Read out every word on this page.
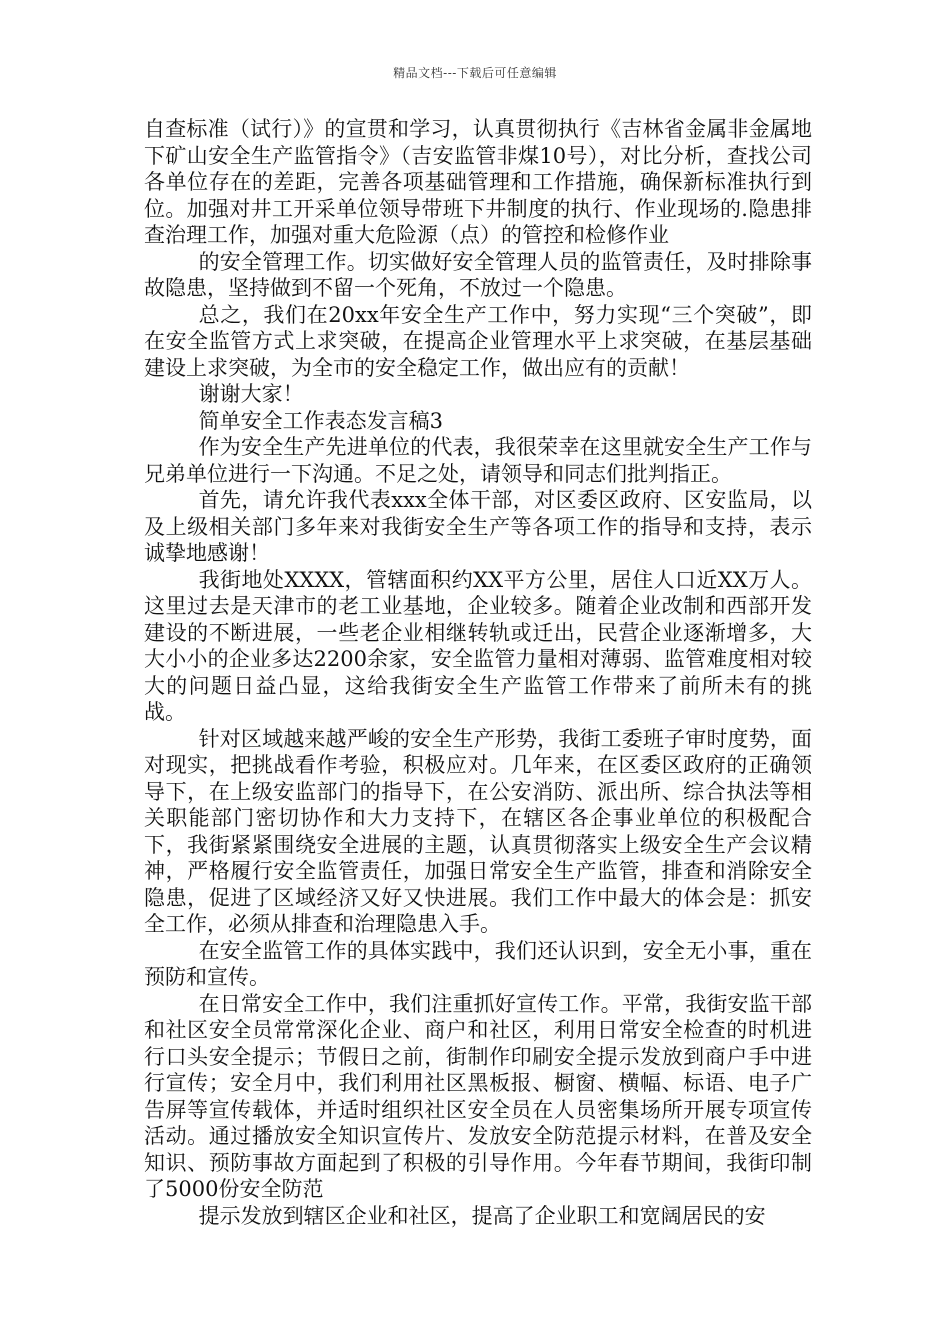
精品文档---下载后可任意编辑

自查标准（试行）》的宣贯和学习，认真贯彻执行《吉林省金属非金属地下矿山安全生产监管指令》（吉安监管非煤10号），对比分析，查找公司各单位存在的差距，完善各项基础管理和工作措施，确保新标准执行到位。加强对井工开采单位领导带班下井制度的执行、作业现场的.隐患排查治理工作，加强对重大危险源（点）的管控和检修作业

的安全管理工作。切实做好安全管理人员的监管责任，及时排除事故隐患，坚持做到不留一个死角，不放过一个隐患。

总之，我们在20xx年安全生产工作中，努力实现“三个突破”，即在安全监管方式上求突破，在提高企业管理水平上求突破，在基层基础建设上求突破，为全市的安全稳定工作，做出应有的贡献！

谢谢大家！

简单安全工作表态发言稿3

作为安全生产先进单位的代表，我很荣幸在这里就安全生产工作与兄弟单位进行一下沟通。不足之处，请领导和同志们批判指正。

首先，请允许我代表xxx全体干部，对区委区政府、区安监局，以及上级相关部门多年来对我街安全生产等各项工作的指导和支持，表示诚挚地感谢！

我街地处XXXX，管辖面积约XX平方公里，居住人口近XX万人。这里过去是天津市的老工业基地，企业较多。随着企业改制和西部开发建设的不断进展，一些老企业相继转轨或迁出，民营企业逐渐增多，大大小小的企业多达2200余家，安全监管力量相对薄弱、监管难度相对较大的问题日益凸显，这给我街安全生产监管工作带来了前所未有的挑战。

针对区域越来越严峻的安全生产形势，我街工委班子审时度势，面对现实，把挑战看作考验，积极应对。几年来，在区委区政府的正确领导下，在上级安监部门的指导下，在公安消防、派出所、综合执法等相关职能部门密切协作和大力支持下，在辖区各企事业单位的积极配合下，我街紧紧围绕安全进展的主题，认真贯彻落实上级安全生产会议精神，严格履行安全监管责任，加强日常安全生产监管，排查和消除安全隐患，促进了区域经济又好又快进展。我们工作中最大的体会是：抓安全工作，必须从排查和治理隐患入手。

在安全监管工作的具体实践中，我们还认识到，安全无小事，重在预防和宣传。

在日常安全工作中，我们注重抓好宣传工作。平常，我街安监干部和社区安全员常常深化企业、商户和社区，利用日常安全检查的时机进行口头安全提示；节假日之前，街制作印刷安全提示发放到商户手中进行宣传；安全月中，我们利用社区黑板报、橱窗、横幅、标语、电子广告屏等宣传载体，并适时组织社区安全员在人员密集场所开展专项宣传活动。通过播放安全知识宣传片、发放安全防范提示材料，在普及安全知识、预防事故方面起到了积极的引导作用。今年春节期间，我街印制了5000份安全防范

提示发放到辖区企业和社区，提高了企业职工和宽阔居民的安
